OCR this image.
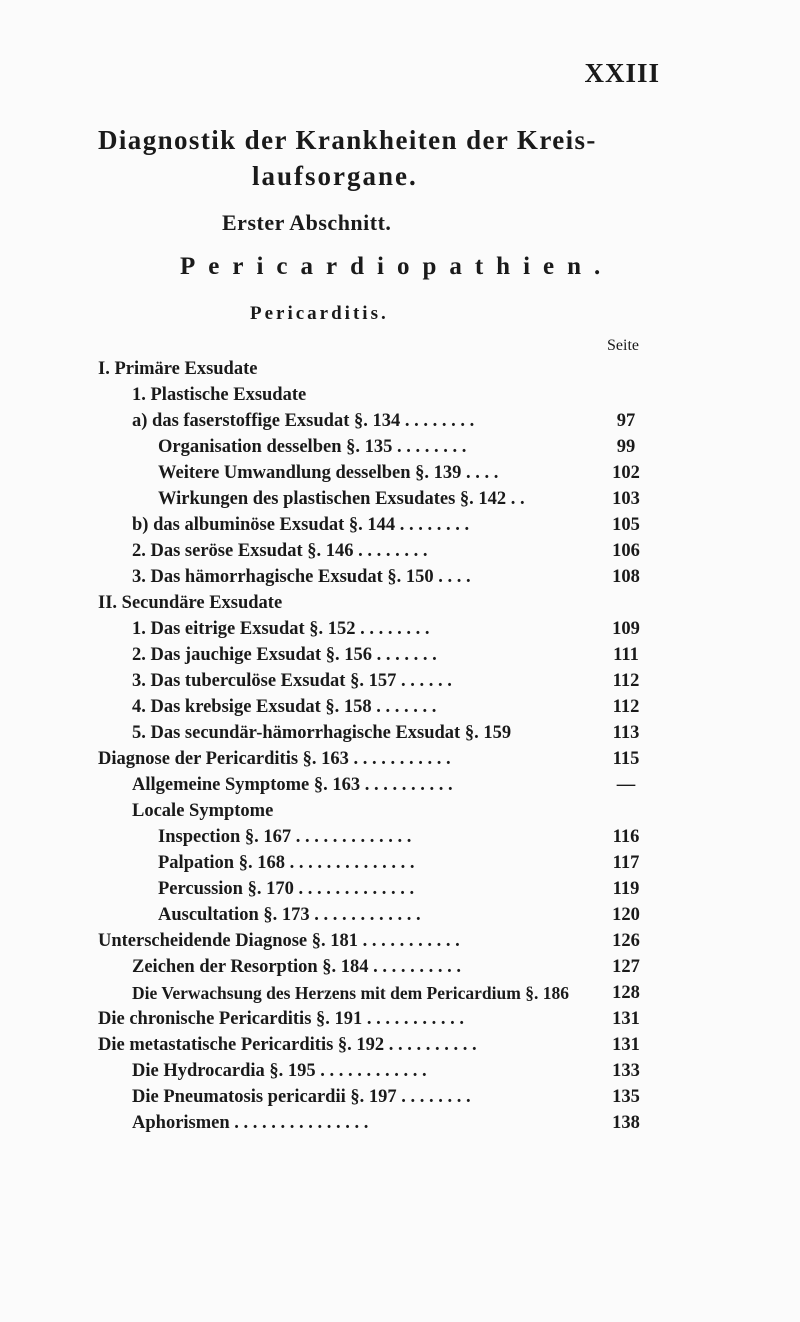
XXIII
Diagnostik der Krankheiten der Kreis-
laufsorgane.
Erster Abschnitt.
Pericardiopathien.
Pericarditis.
Seite
I. Primäre Exsudate
1. Plastische Exsudate
a) das faserstoffige Exsudat §. 134 . . . . . . . .	97
Organisation desselben §. 135 . . . . . . . .	99
Weitere Umwandlung desselben §. 139 . . . .	102
Wirkungen des plastischen Exsudates §. 142 . .	103
b) das albuminöse Exsudat §. 144 . . . . . . . .	105
2. Das seröse Exsudat §. 146 . . . . . . . .	106
3. Das hämorrhagische Exsudat §. 150 . . . .	108
II. Secundäre Exsudate
1. Das eitrige Exsudat §. 152 . . . . . . . .	109
2. Das jauchige Exsudat §. 156 . . . . . . .	111
3. Das tuberculöse Exsudat §. 157 . . . . . .	112
4. Das krebsige Exsudat §. 158 . . . . . . .	112
5. Das secundär-hämorrhagische Exsudat §. 159	113
Diagnose der Pericarditis §. 163 . . . . . . . . . . .	115
Allgemeine Symptome §. 163 . . . . . . . . . .	—
Locale Symptome
Inspection §. 167 . . . . . . . . . . . . .	116
Palpation §. 168 . . . . . . . . . . . . . .	117
Percussion §. 170 . . . . . . . . . . . . .	119
Auscultation §. 173 . . . . . . . . . . . .	120
Unterscheidende Diagnose §. 181 . . . . . . . . . . .	126
Zeichen der Resorption §. 184 . . . . . . . . . .	127
Die Verwachsung des Herzens mit dem Pericardium §. 186	128
Die chronische Pericarditis §. 191 . . . . . . . . . . .	131
Die metastatische Pericarditis §. 192 . . . . . . . . . .	131
Die Hydrocardia §. 195 . . . . . . . . . . . .	133
Die Pneumatosis pericardii §. 197 . . . . . . . .	135
Aphorismen . . . . . . . . . . . . . . .	138
